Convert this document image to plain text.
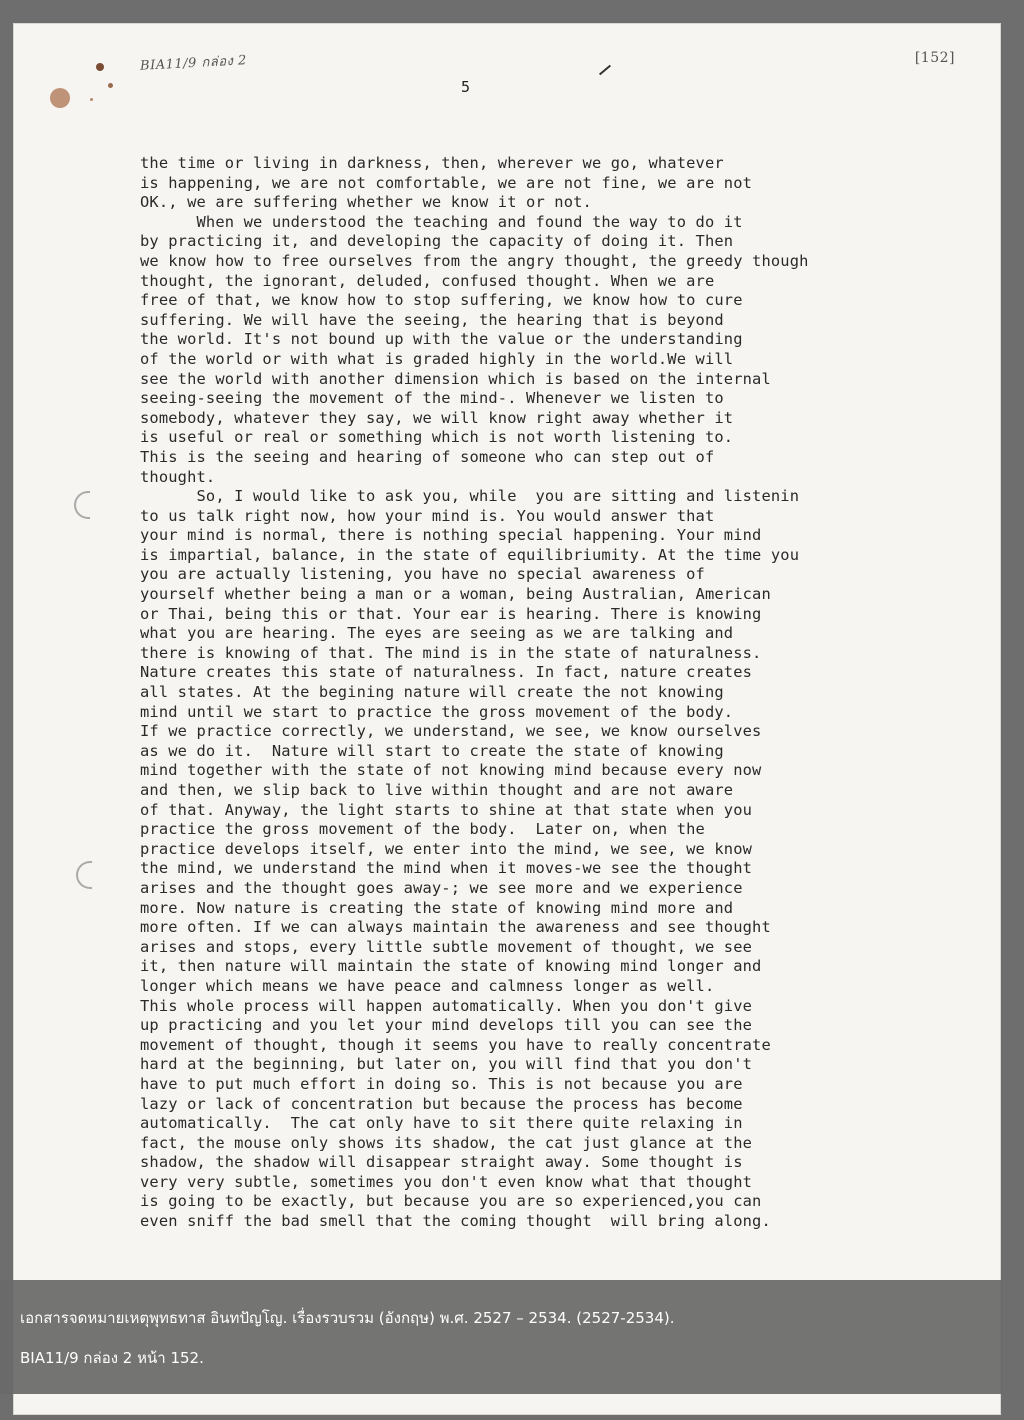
BIA11/9 กล่อง 2	[152]
5
the time or living in darkness, then, wherever we go, whatever
is happening, we are not comfortable, we are not fine, we are not
OK., we are suffering whether we know it or not.
When we understood the teaching and found the way to do it
by practicing it, and developing the capacity of doing it. Then
we know how to free ourselves from the angry thought, the greedy though
thought, the ignorant, deluded, confused thought. When we are
free of that, we know how to stop suffering, we know how to cure
suffering. We will have the seeing, the hearing that is beyond
the world. It's not bound up with the value or the understanding
of the world or with what is graded highly in the world.We will
see the world with another dimension which is based on the internal
seeing-seeing the movement of the mind-. Whenever we listen to
somebody, whatever they say, we will know right away whether it
is useful or real or something which is not worth listening to.
This is the seeing and hearing of someone who can step out of
thought.
So, I would like to ask you, while  you are sitting and listenin
to us talk right now, how your mind is. You would answer that
your mind is normal, there is nothing special happening. Your mind
is impartial, balance, in the state of equilibriumity. At the time you
you are actually listening, you have no special awareness of
yourself whether being a man or a woman, being Australian, American
or Thai, being this or that. Your ear is hearing. There is knowing
what you are hearing. The eyes are seeing as we are talking and
there is knowing of that. The mind is in the state of naturalness.
Nature creates this state of naturalness. In fact, nature creates
all states. At the begining nature will create the not knowing
mind until we start to practice the gross movement of the body.
If we practice correctly, we understand, we see, we know ourselves
as we do it.  Nature will start to create the state of knowing
mind together with the state of not knowing mind because every now
and then, we slip back to live within thought and are not aware
of that. Anyway, the light starts to shine at that state when you
practice the gross movement of the body.  Later on, when the
practice develops itself, we enter into the mind, we see, we know
the mind, we understand the mind when it moves-we see the thought
arises and the thought goes away-; we see more and we experience
more. Now nature is creating the state of knowing mind more and
more often. If we can always maintain the awareness and see thought
arises and stops, every little subtle movement of thought, we see
it, then nature will maintain the state of knowing mind longer and
longer which means we have peace and calmness longer as well.
This whole process will happen automatically. When you don't give
up practicing and you let your mind develops till you can see the
movement of thought, though it seems you have to really concentrate
hard at the beginning, but later on, you will find that you don't
have to put much effort in doing so. This is not because you are
lazy or lack of concentration but because the process has become
automatically.  The cat only have to sit there quite relaxing in
fact, the mouse only shows its shadow, the cat just glance at the
shadow, the shadow will disappear straight away. Some thought is
very very subtle, sometimes you don't even know what that thought
is going to be exactly, but because you are so experienced,you can
even sniff the bad smell that the coming thought  will bring along.
เอกสารจดหมายเหตุพุทธทาส อินทปัญโญ. เรื่องรวบรวม (อังกฤษ) พ.ศ. 2527 – 2534. (2527-2534).
BIA11/9 กล่อง 2 หน้า 152.
